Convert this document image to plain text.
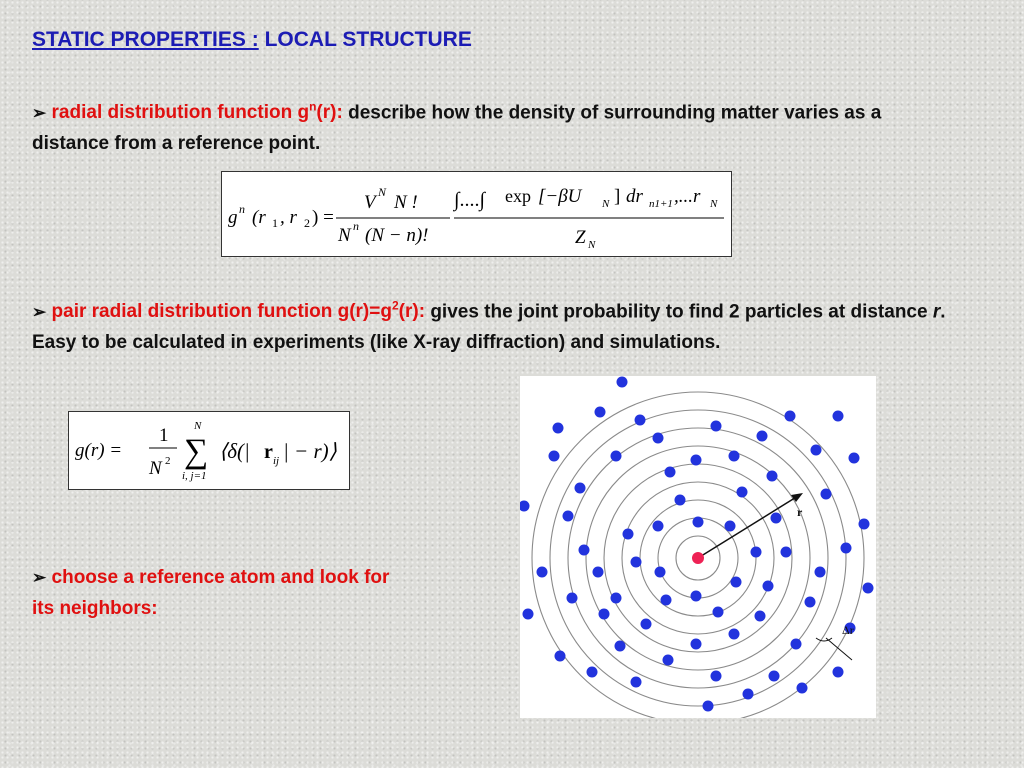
STATIC PROPERTIES : LOCAL STRUCTURE
➢ radial distribution function $g^n(r)$: describe how the density of surrounding matter varies as a distance from a reference point.
g n (r 1 , r 2 ) =
V N N !
N n (N − n)!
∫....∫ exp [−βU N ] dr n1+1 ,...r N
Z N
➢ pair radial distribution function $g(r)=g^2(r)$: gives the joint probability to find 2 particles at distance r. Easy to be calculated in experiments (like X-ray diffraction) and simulations.
g(r) =
1
N 2
N
∑
i, j=1
⟨δ(| r ij | − r)⟩
➢ choose a reference atom and look for its neighbors:
r
Δr
